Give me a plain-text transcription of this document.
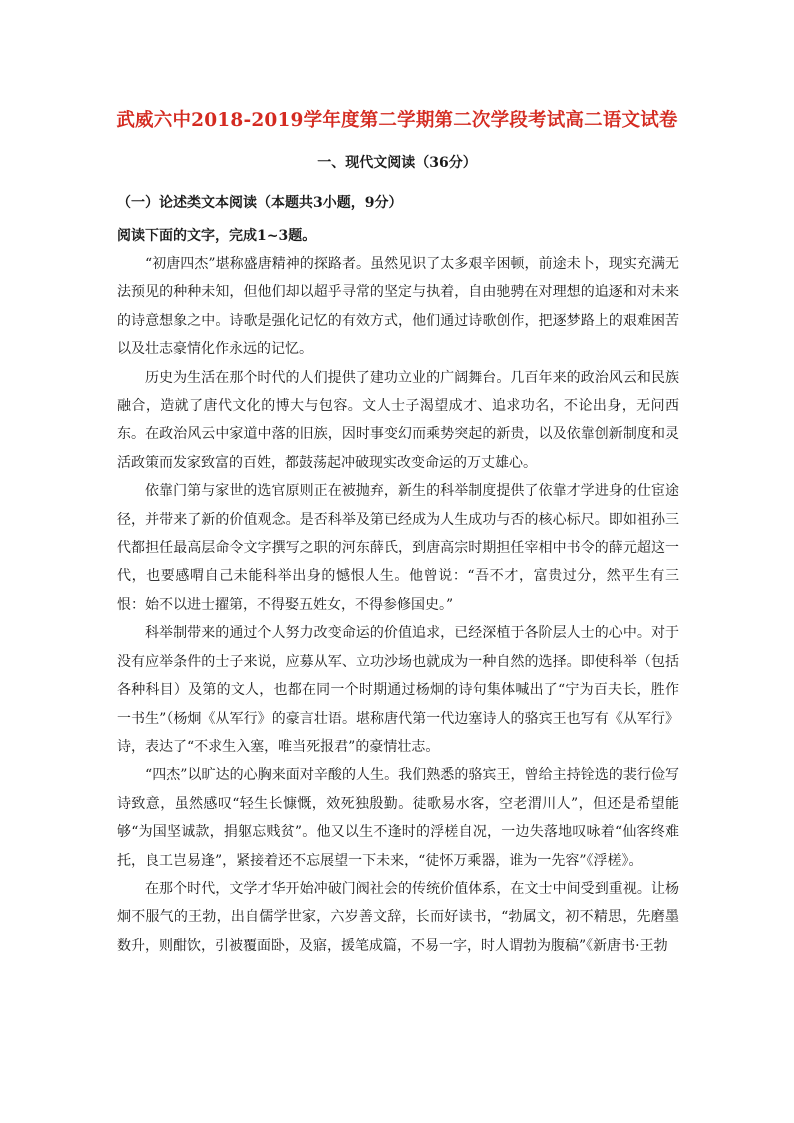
武威六中2018-2019学年度第二学期第二次学段考试高二语文试卷
一、现代文阅读（36分）
（一）论述类文本阅读（本题共3小题，9分）
阅读下面的文字，完成1~3题。

“初唐四杰”堪称盛唐精神的探路者。虽然见识了太多艰辛困顿，前途未卜，现实充满无法预见的种种未知，但他们却以超乎寻常的坚定与执着，自由驰骋在对理想的追逐和对未来的诗意想象之中。诗歌是强化记忆的有效方式，他们通过诗歌创作，把逐梦路上的艰难困苦以及壮志豪情化作永远的记忆。

历史为生活在那个时代的人们提供了建功立业的广阔舞台。几百年来的政治风云和民族融合，造就了唐代文化的博大与包容。文人士子渴望成才、追求功名，不论出身，无问西东。在政治风云中家道中落的旧族，因时事变幻而乘势突起的新贵，以及依靠创新制度和灵活政策而发家致富的百姓，都鼓荡起冲破现实改变命运的万丈雄心。

依靠门第与家世的选官原则正在被抛弃，新生的科举制度提供了依靠才学进身的仕宦途径，并带来了新的价值观念。是否科举及第已经成为人生成功与否的核心标尺。即如祖孙三代都担任最高层命令文字撰写之职的河东薛氏，到唐高宗时期担任宰相中书令的薛元超这一代，也要感喟自己未能科举出身的憾恨人生。他曾说：“吾不才，富贵过分，然平生有三恨：始不以进士擢第，不得娶五姓女，不得参修国史。”

科举制带来的通过个人努力改变命运的价值追求，已经深植于各阶层人士的心中。对于没有应举条件的士子来说，应募从军、立功沙场也就成为一种自然的选择。即使科举（包括各种科目）及第的文人，也都在同一个时期通过杨炯的诗句集体喊出了“宁为百夫长，胜作一书生”（杨炯《从军行》的豪言壮语。堪称唐代第一代边塞诗人的骆宾王也写有《从军行》诗，表达了“不求生入塞，唯当死报君”的豪情壮志。

“四杰”以旷达的心胸来面对辛酸的人生。我们熟悉的骆宾王，曾给主持铨选的裴行俭写诗致意，虽然感叹“轻生长慷慨，效死独殷勤。徒歌易水客，空老渭川人”，但还是希望能够“为国坚诚款，捐躯忘贱贫”。他又以生不逢时的浮槎自况，一边失落地叹咏着“仙客终难托，良工岂易逢”，紧接着还不忘展望一下未来，“徒怀万乘器，谁为一先容”《浮槎》。

在那个时代，文学才华开始冲破门阀社会的传统价值体系，在文士中间受到重视。让杨炯不服气的王勃，出自儒学世家，六岁善文辞，长而好读书，“勃属文，初不精思，先磨墨数升，则酣饮，引被覆面卧，及寤，援笔成篇，不易一字，时人谓勃为腹稿”《新唐书·王勃
